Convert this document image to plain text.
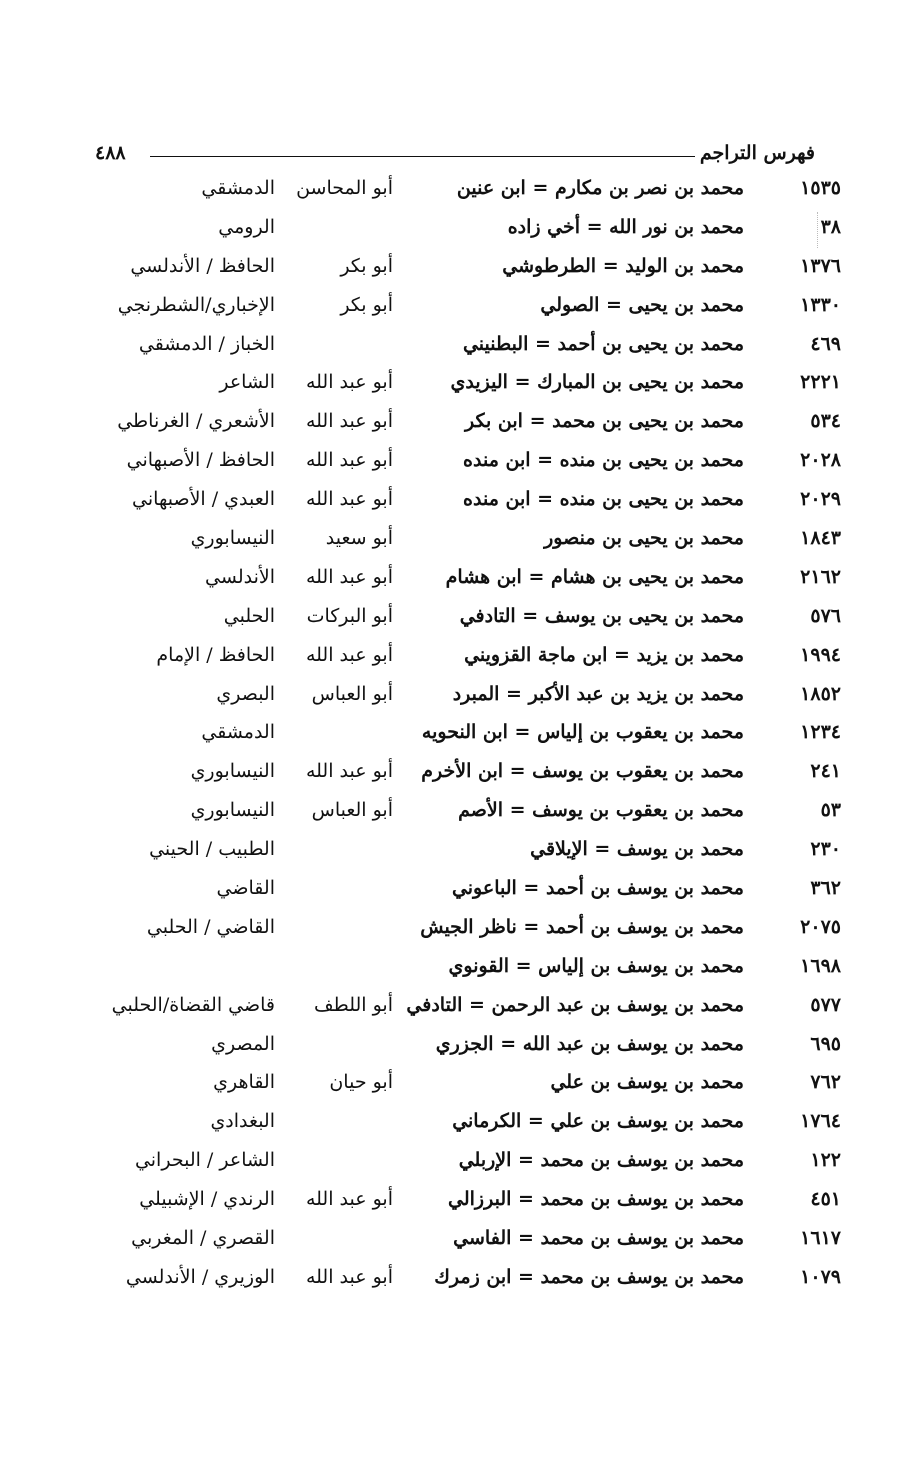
فهرس التراجم
٤٨٨
١٥٣٥
محمد بن نصر بن مكارم = ابن عنين
أبو المحاسن
الدمشقي
٣٨
محمد بن نور الله = أخي زاده
الرومي
١٣٧٦
محمد بن الوليد = الطرطوشي
أبو بكر
الحافظ / الأندلسي
١٣٣٠
محمد بن يحيى = الصولي
أبو بكر
الإخباري/الشطرنجي
٤٦٩
محمد بن يحيى بن أحمد = البطنيني
الخباز / الدمشقي
٢٢٢١
محمد بن يحيى بن المبارك = اليزيدي
أبو عبد الله
الشاعر
٥٣٤
محمد بن يحيى بن محمد = ابن بكر
أبو عبد الله
الأشعري / الغرناطي
٢٠٢٨
محمد بن يحيى بن منده = ابن منده
أبو عبد الله
الحافظ / الأصبهاني
٢٠٢٩
محمد بن يحيى بن منده = ابن منده
أبو عبد الله
العبدي / الأصبهاني
١٨٤٣
محمد بن يحيى بن منصور
أبو سعيد
النيسابوري
٢١٦٢
محمد بن يحيى بن هشام = ابن هشام
أبو عبد الله
الأندلسي
٥٧٦
محمد بن يحيى بن يوسف = التادفي
أبو البركات
الحلبي
١٩٩٤
محمد بن يزيد = ابن ماجة القزويني
أبو عبد الله
الحافظ / الإمام
١٨٥٢
محمد بن يزيد بن عبد الأكبر = المبرد
أبو العباس
البصري
١٢٣٤
محمد بن يعقوب بن إلياس = ابن النحويه
الدمشقي
٢٤١
محمد بن يعقوب بن يوسف = ابن الأخرم
أبو عبد الله
النيسابوري
٥٣
محمد بن يعقوب بن يوسف = الأصم
أبو العباس
النيسابوري
٢٣٠
محمد بن يوسف = الإيلاقي
الطبيب / الحيني
٣٦٢
محمد بن يوسف بن أحمد = الباعوني
القاضي
٢٠٧٥
محمد بن يوسف بن أحمد = ناظر الجيش
القاضي / الحلبي
١٦٩٨
محمد بن يوسف بن إلياس = القونوي
٥٧٧
محمد بن يوسف بن عبد الرحمن = التادفي
أبو اللطف
قاضي القضاة/الحلبي
٦٩٥
محمد بن يوسف بن عبد الله = الجزري
المصري
٧٦٢
محمد بن يوسف بن علي
أبو حيان
القاهري
١٧٦٤
محمد بن يوسف بن علي = الكرماني
البغدادي
١٢٢
محمد بن يوسف بن محمد = الإربلي
الشاعر / البحراني
٤٥١
محمد بن يوسف بن محمد = البرزالي
أبو عبد الله
الرندي / الإشبيلي
١٦١٧
محمد بن يوسف بن محمد = الفاسي
القصري / المغربي
١٠٧٩
محمد بن يوسف بن محمد = ابن زمرك
أبو عبد الله
الوزيري / الأندلسي
